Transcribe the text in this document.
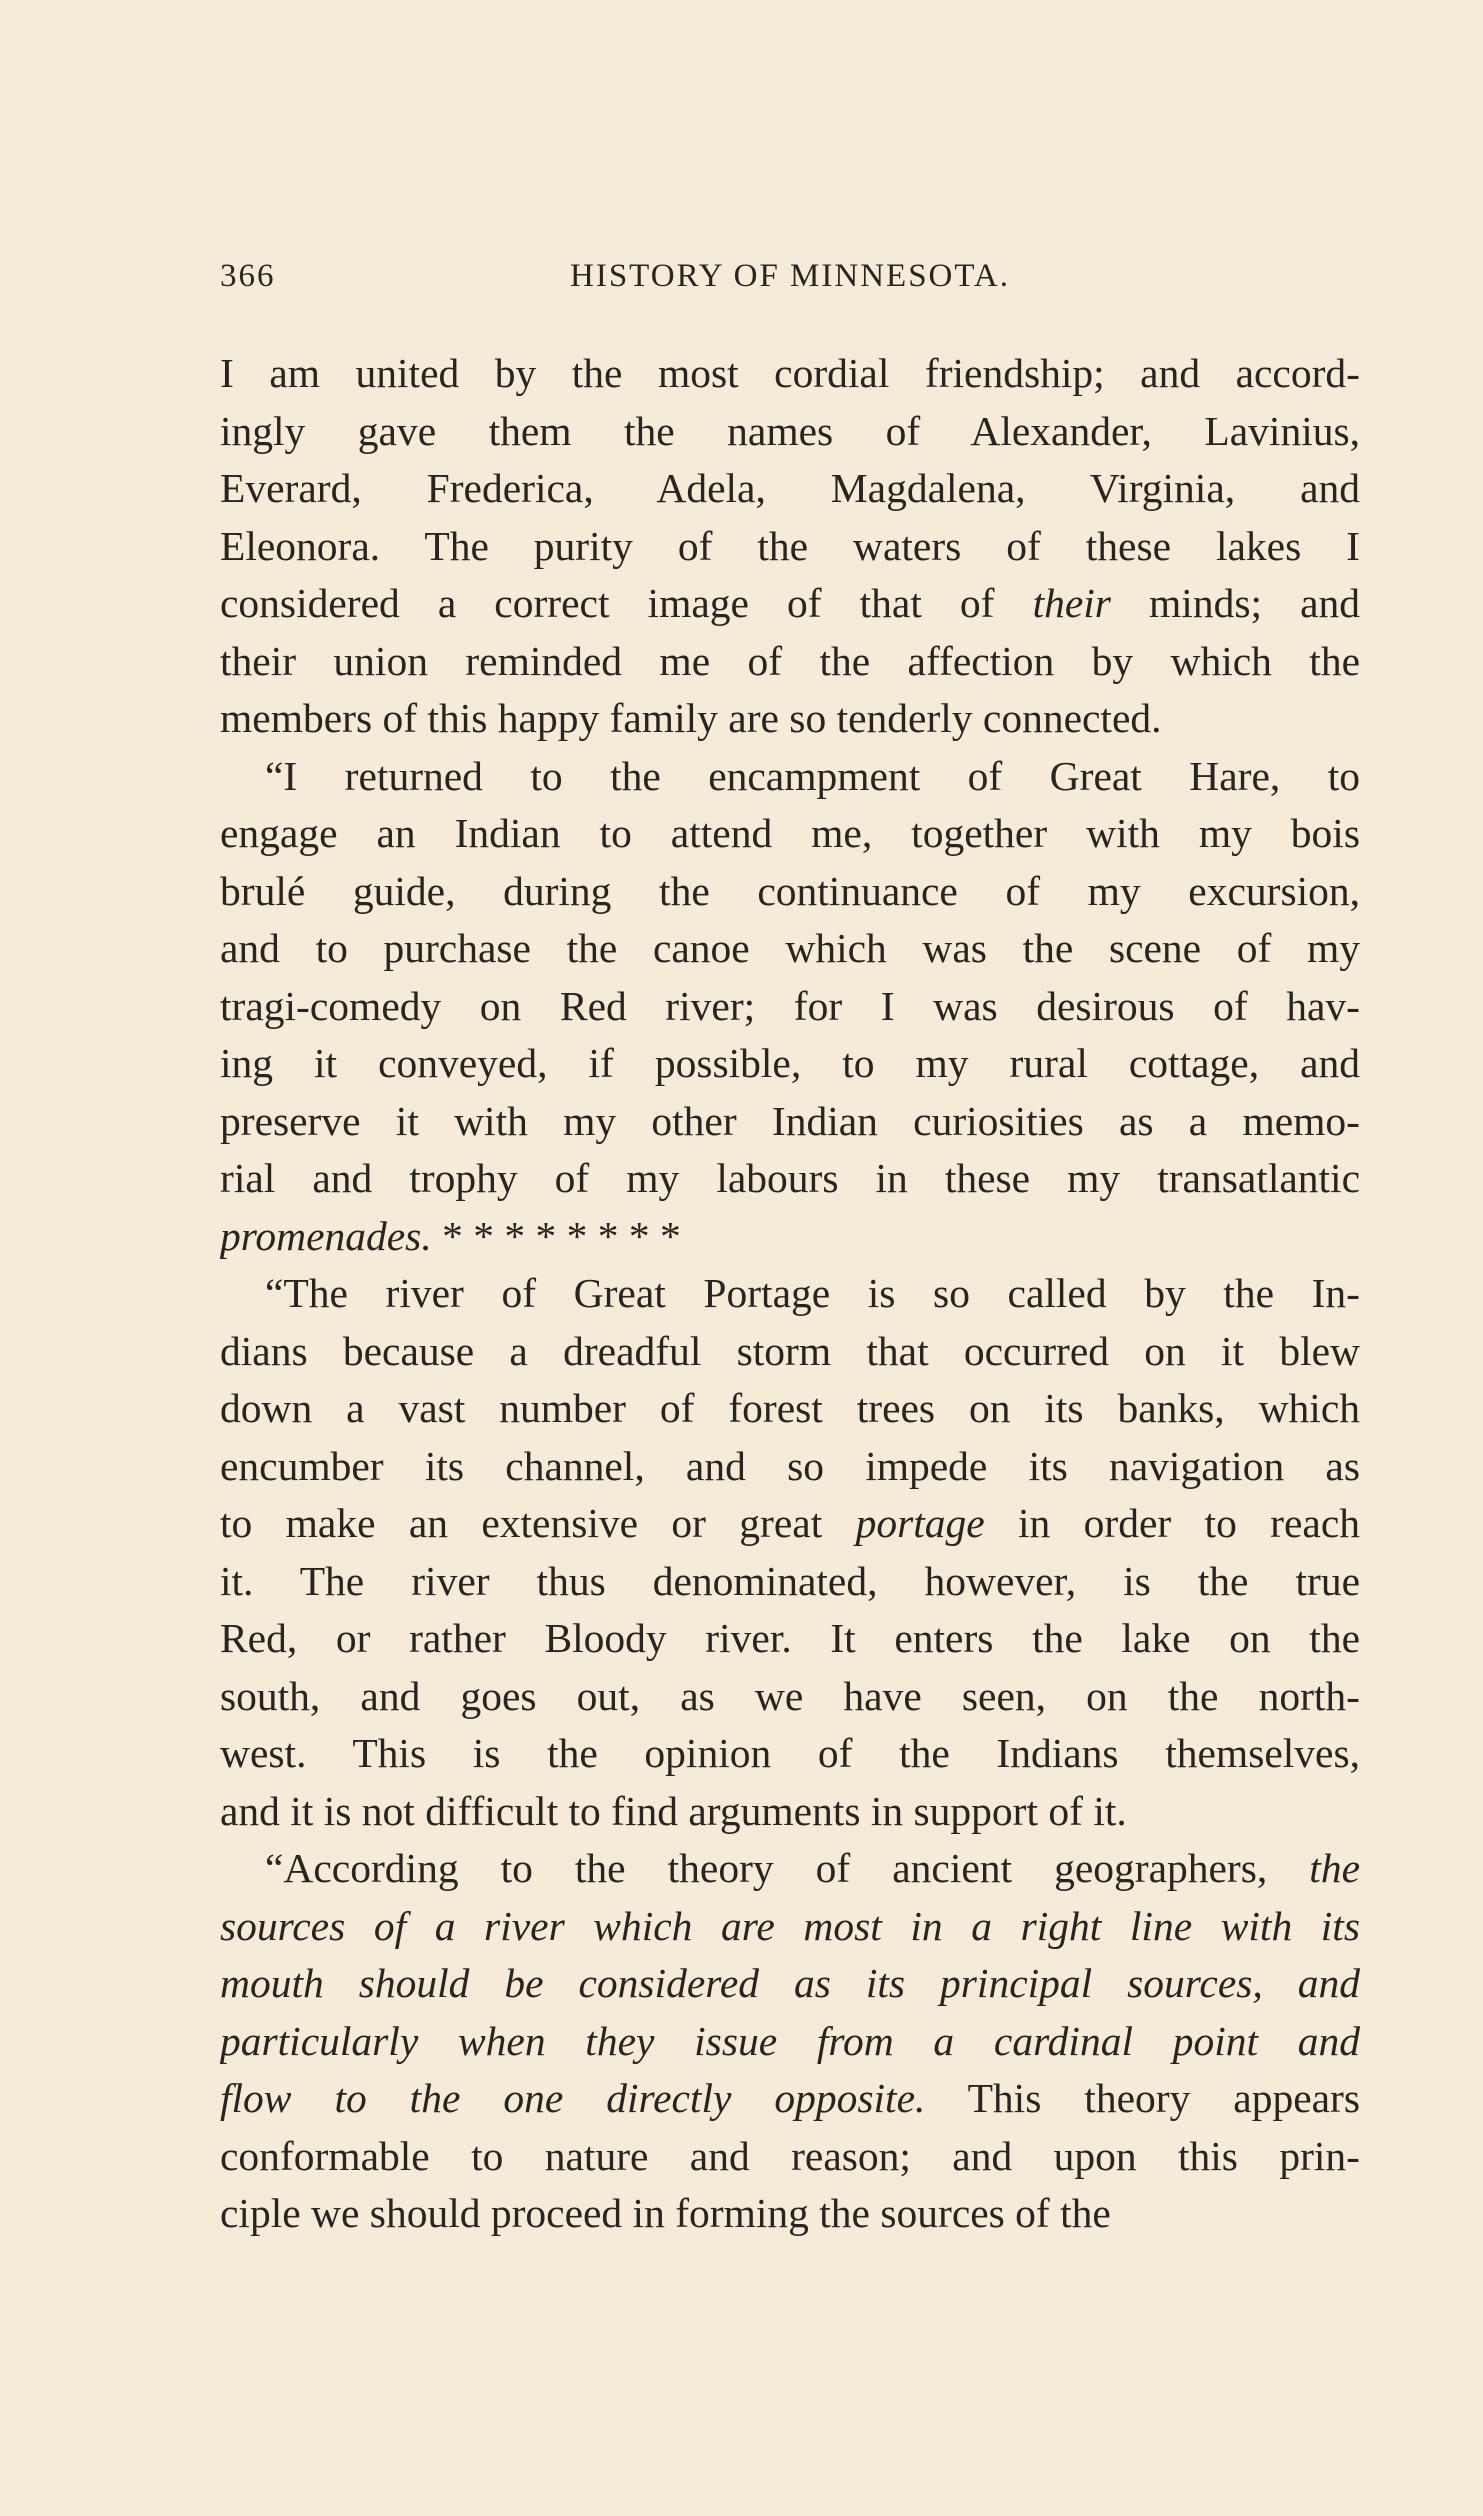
366	HISTORY OF MINNESOTA.
I am united by the most cordial friendship; and accord-
ingly gave them the names of Alexander, Lavinius,
Everard, Frederica, Adela, Magdalena, Virginia, and
Eleonora. The purity of the waters of these lakes I
considered a correct image of that of their minds; and
their union reminded me of the affection by which the
members of this happy family are so tenderly connected.
“I returned to the encampment of Great Hare, to
engage an Indian to attend me, together with my bois
brulé guide, during the continuance of my excursion,
and to purchase the canoe which was the scene of my
tragi-comedy on Red river; for I was desirous of hav-
ing it conveyed, if possible, to my rural cottage, and
preserve it with my other Indian curiosities as a memo-
rial and trophy of my labours in these my transatlantic
promenades. * * * * * * * *
“The river of Great Portage is so called by the In-
dians because a dreadful storm that occurred on it blew
down a vast number of forest trees on its banks, which
encumber its channel, and so impede its navigation as
to make an extensive or great portage in order to reach
it. The river thus denominated, however, is the true
Red, or rather Bloody river. It enters the lake on the
south, and goes out, as we have seen, on the north-
west. This is the opinion of the Indians themselves,
and it is not difficult to find arguments in support of it.
“According to the theory of ancient geographers, the
sources of a river which are most in a right line with its
mouth should be considered as its principal sources, and
particularly when they issue from a cardinal point and
flow to the one directly opposite. This theory appears
conformable to nature and reason; and upon this prin-
ciple we should proceed in forming the sources of the
